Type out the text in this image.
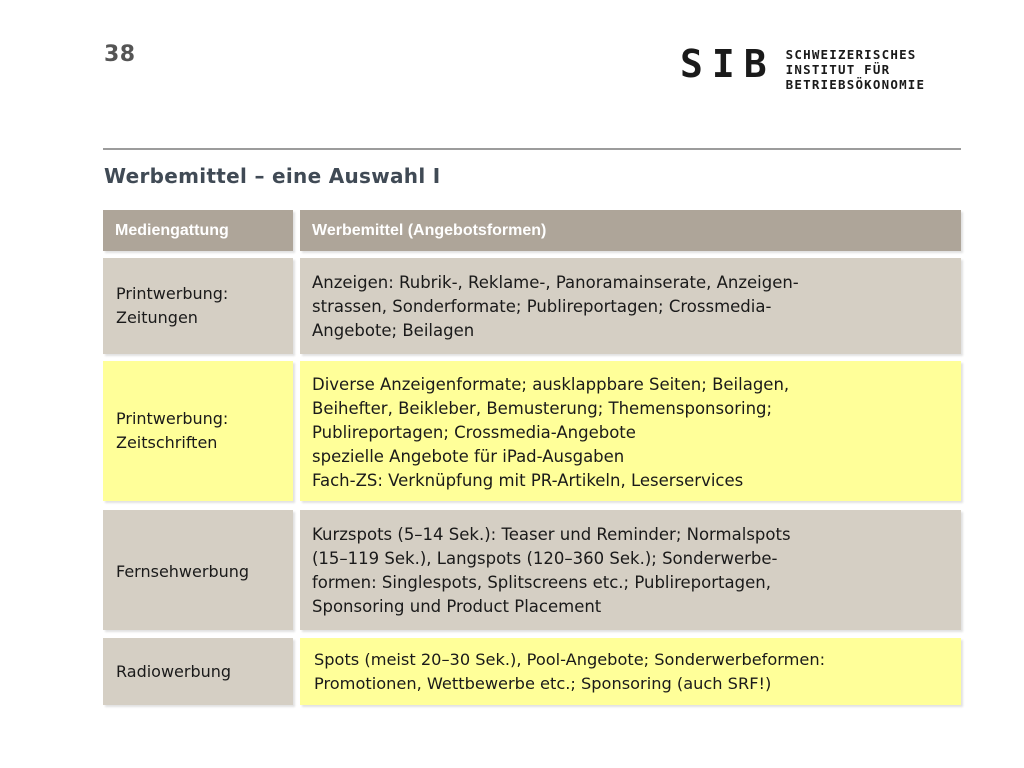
38	SIB SCHWEIZERISCHES
INSTITUT FÜR
BETRIEBSÖKONOMIE
Werbemittel – eine Auswahl I
Mediengattung	Werbemittel (Angebotsformen)
Printwerbung:
Zeitungen
Anzeigen: Rubrik-, Reklame-, Panoramainserate, Anzeigen-
strassen, Sonderformate; Publireportagen; Crossmedia-
Angebote; Beilagen
Printwerbung:
Zeitschriften
Diverse Anzeigenformate; ausklappbare Seiten; Beilagen,
Beihefter, Beikleber, Bemusterung; Themensponsoring;
Publireportagen; Crossmedia-Angebote
spezielle Angebote für iPad-Ausgaben
Fach-ZS: Verknüpfung mit PR-Artikeln, Leserservices
Fernsehwerbung
Kurzspots (5–14 Sek.): Teaser und Reminder; Normalspots
(15–119 Sek.), Langspots (120–360 Sek.); Sonderwerbe-
formen: Singlespots, Splitscreens etc.; Publireportagen,
Sponsoring und Product Placement
Radiowerbung
Spots (meist 20–30 Sek.), Pool-Angebote; Sonderwerbeformen:
Promotionen, Wettbewerbe etc.; Sponsoring (auch SRF!)
